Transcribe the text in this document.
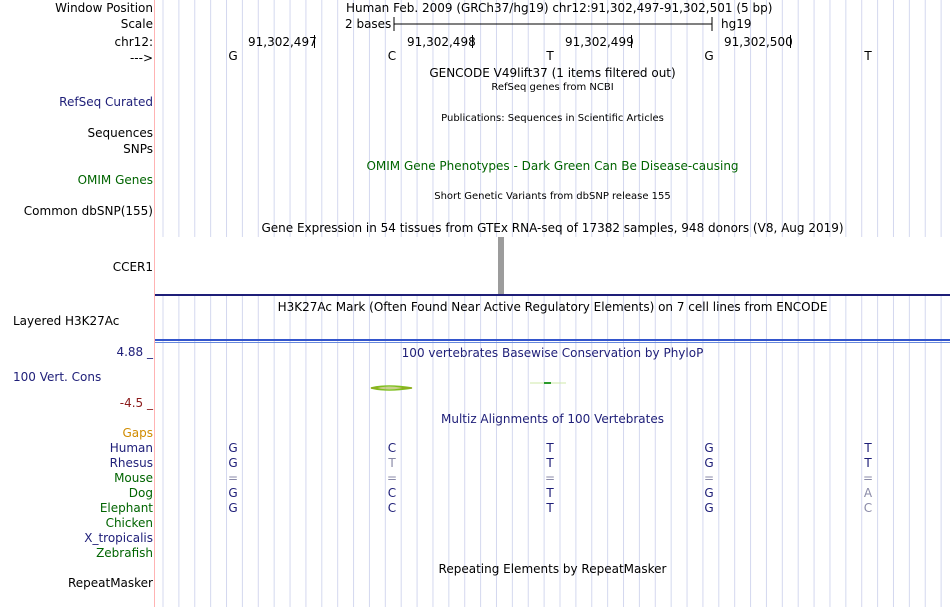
Window Position	Human Feb. 2009 (GRCh37/hg19) chr12:91,302,497-91,302,501 (5 bp)
Scale	2 bases	hg19
chr12:	91,302,497	91,302,498	91,302,499	91,302,500
--->	G	C	T	G	T
GENCODE V49lift37 (1 items filtered out)
RefSeq genes from NCBI
RefSeq Curated
Sequences
Publications: Sequences in Scientific Articles
SNPs
OMIM Gene Phenotypes - Dark Green Can Be Disease-causing
OMIM Genes
Short Genetic Variants from dbSNP release 155
Common dbSNP(155)
Gene Expression in 54 tissues from GTEx RNA-seq of 17382 samples, 948 donors (V8, Aug 2019)
CCER1
H3K27Ac Mark (Often Found Near Active Regulatory Elements) on 7 cell lines from ENCODE
Layered H3K27Ac
100 vertebrates Basewise Conservation by PhyloP
4.88 _
100 Vert. Cons
-4.5 _
Multiz Alignments of 100 Vertebrates
Gaps
Human	G	C	T	G	T
Rhesus	G	T	T	G	T
Mouse	=	=	=	=	=
Dog	G	C	T	G	A
Elephant	G	C	T	G	C
Chicken
X_tropicalis
Zebrafish
Repeating Elements by RepeatMasker
RepeatMasker
